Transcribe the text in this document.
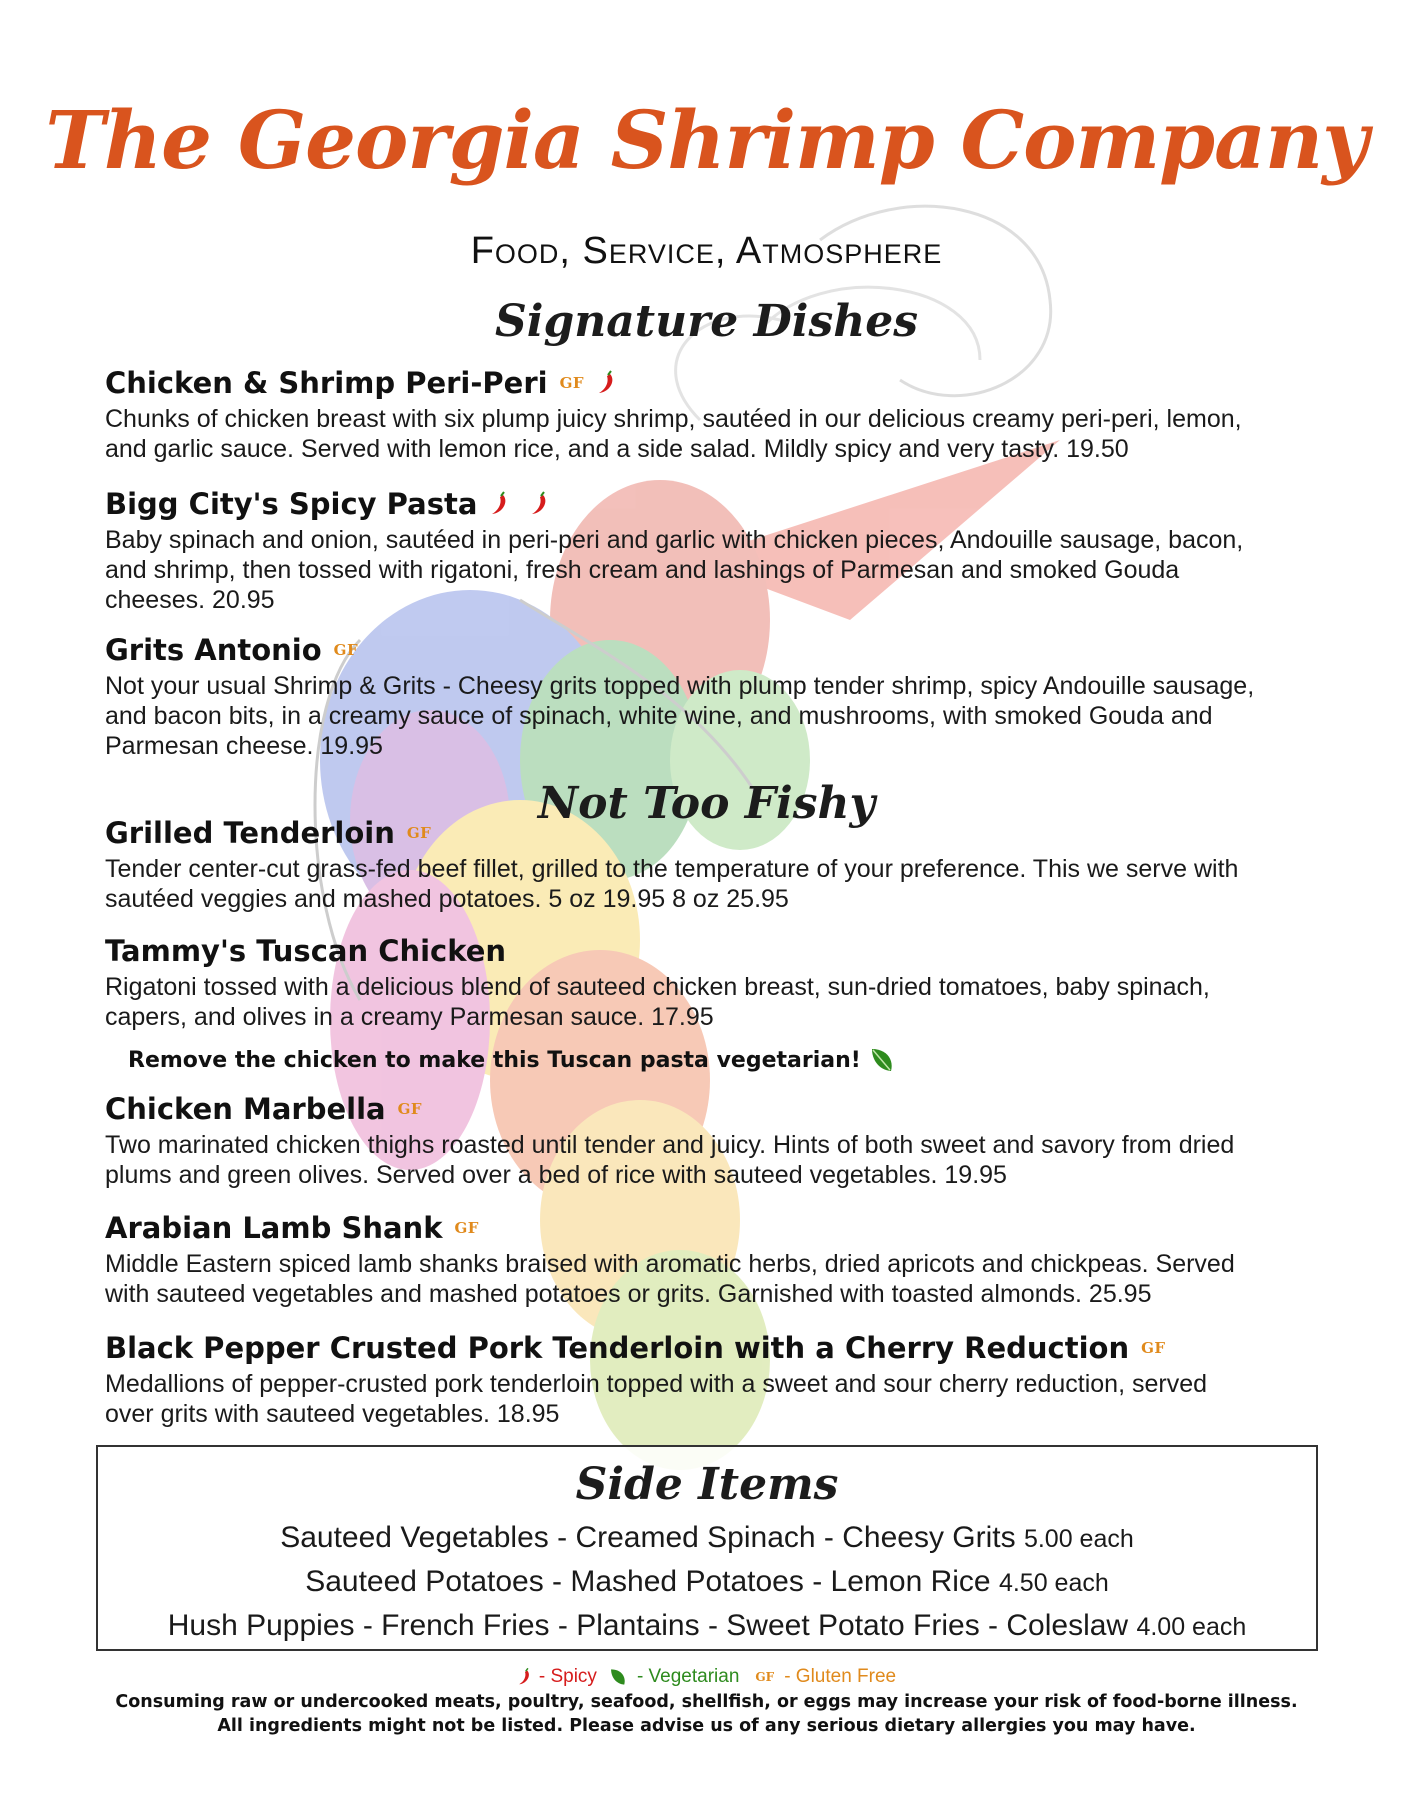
The Georgia Shrimp Company
Food, Service, Atmosphere
Signature Dishes
Chicken & Shrimp Peri-Peri GF
Chunks of chicken breast with six plump juicy shrimp, sautéed in our delicious creamy peri-peri, lemon,
and garlic sauce. Served with lemon rice, and a side salad. Mildly spicy and very tasty. 19.50
Bigg City's Spicy Pasta
Baby spinach and onion, sautéed in peri-peri and garlic with chicken pieces, Andouille sausage, bacon,
and shrimp, then tossed with rigatoni, fresh cream and lashings of Parmesan and smoked Gouda
cheeses. 20.95
Grits Antonio GF
Not your usual Shrimp & Grits - Cheesy grits topped with plump tender shrimp, spicy Andouille sausage,
and bacon bits, in a creamy sauce of spinach, white wine, and mushrooms, with smoked Gouda and
Parmesan cheese. 19.95
Not Too Fishy
Grilled Tenderloin GF
Tender center-cut grass-fed beef fillet, grilled to the temperature of your preference. This we serve with
sautéed veggies and mashed potatoes. 5 oz 19.95 8 oz 25.95
Tammy's Tuscan Chicken
Rigatoni tossed with a delicious blend of sauteed chicken breast, sun-dried tomatoes, baby spinach,
capers, and olives in a creamy Parmesan sauce. 17.95
Remove the chicken to make this Tuscan pasta vegetarian!
Chicken Marbella GF
Two marinated chicken thighs roasted until tender and juicy. Hints of both sweet and savory from dried
plums and green olives. Served over a bed of rice with sauteed vegetables. 19.95
Arabian Lamb Shank GF
Middle Eastern spiced lamb shanks braised with aromatic herbs, dried apricots and chickpeas. Served
with sauteed vegetables and mashed potatoes or grits. Garnished with toasted almonds. 25.95
Black Pepper Crusted Pork Tenderloin with a Cherry Reduction GF
Medallions of pepper-crusted pork tenderloin topped with a sweet and sour cherry reduction, served
over grits with sauteed vegetables. 18.95
Side Items
Sauteed Vegetables - Creamed Spinach - Cheesy Grits 5.00 each
Sauteed Potatoes - Mashed Potatoes - Lemon Rice 4.50 each
Hush Puppies - French Fries - Plantains - Sweet Potato Fries - Coleslaw 4.00 each
- Spicy - Vegetarian GF - Gluten Free
Consuming raw or undercooked meats, poultry, seafood, shellfish, or eggs may increase your risk of food-borne illness.
All ingredients might not be listed. Please advise us of any serious dietary allergies you may have.
